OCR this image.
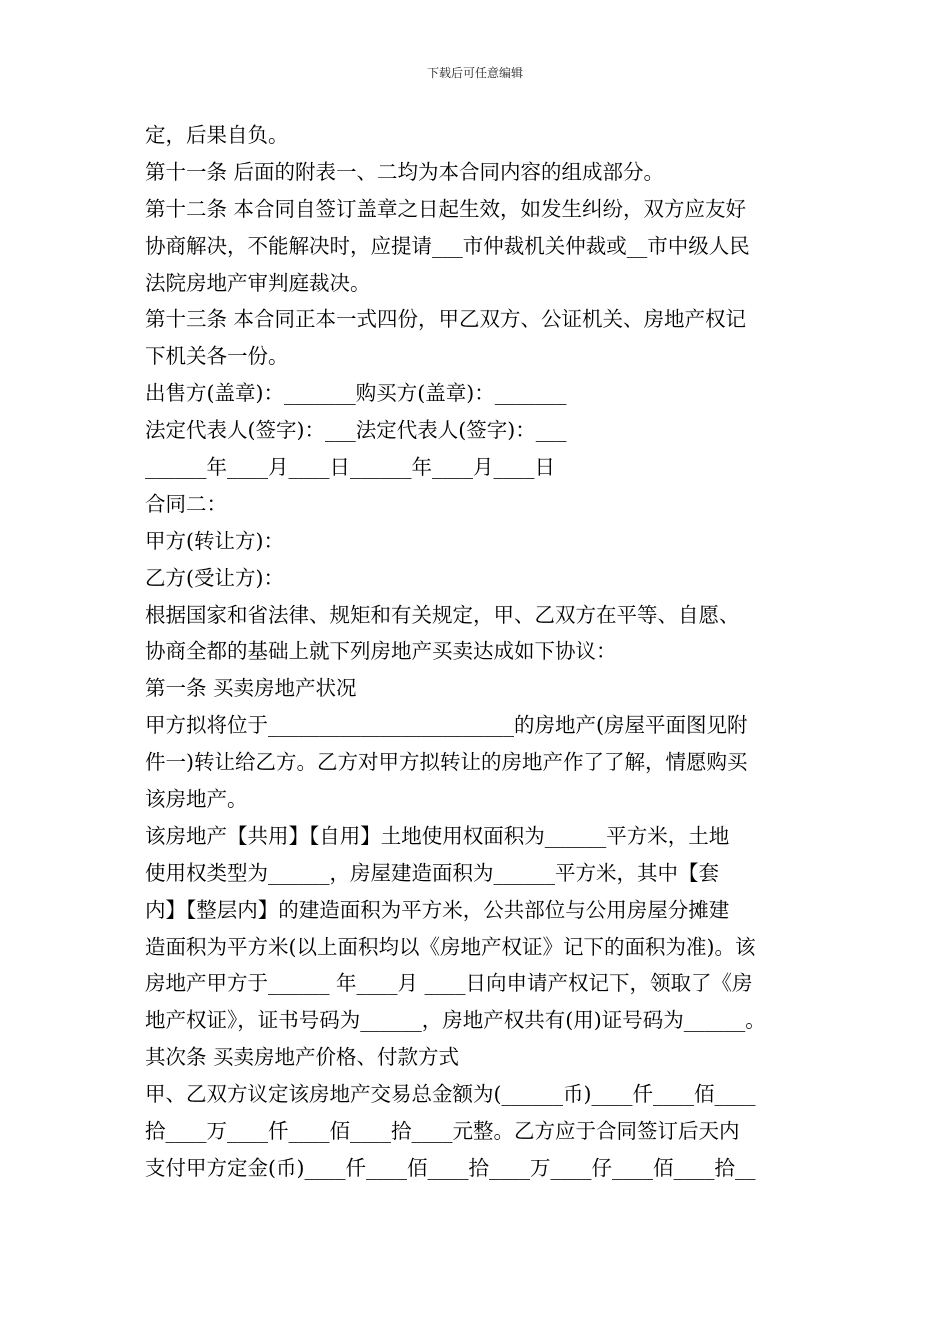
下载后可任意编辑
定，后果自负。
第十一条 后面的附表一、二均为本合同内容的组成部分。
第十二条 本合同自签订盖章之日起生效，如发生纠纷，双方应友好
协商解决，不能解决时，应提请___市仲裁机关仲裁或__市中级人民
法院房地产审判庭裁决。
第十三条 本合同正本一式四份，甲乙双方、公证机关、房地产权记
下机关各一份。
出售方(盖章)：_______购买方(盖章)：_______
法定代表人(签字)：___法定代表人(签字)：___
______年____月____日______年____月____日
合同二：
甲方(转让方)：
乙方(受让方)：
根据国家和省法律、规矩和有关规定，甲、乙双方在平等、自愿、
协商全都的基础上就下列房地产买卖达成如下协议：
第一条 买卖房地产状况
甲方拟将位于________________________的房地产(房屋平面图见附
件一)转让给乙方。乙方对甲方拟转让的房地产作了了解，情愿购买
该房地产。
该房地产【共用】【自用】土地使用权面积为______平方米，土地
使用权类型为______，房屋建造面积为______平方米，其中【套
内】【整层内】的建造面积为平方米，公共部位与公用房屋分摊建
造面积为平方米(以上面积均以《房地产权证》记下的面积为准)。该
房地产甲方于______ 年____月 ____日向申请产权记下，领取了《房
地产权证》，证书号码为______，房地产权共有(用)证号码为______。
其次条 买卖房地产价格、付款方式
甲、乙双方议定该房地产交易总金额为(______币)____仟____佰____
拾____万____仟____佰____拾____元整。乙方应于合同签订后天内
支付甲方定金(币)____仟____佰____拾____万____仔____佰____拾__
